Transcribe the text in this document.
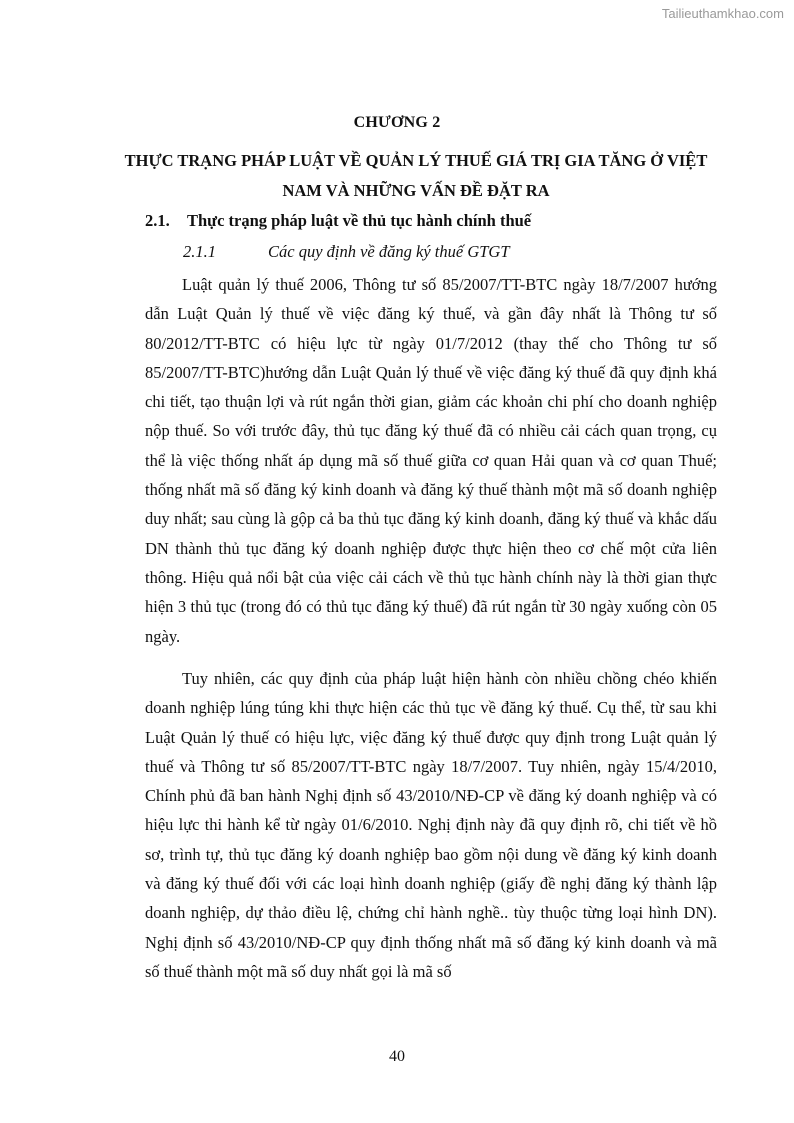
Tailieuthamkhao.com
CHƯƠNG 2
THỰC TRẠNG PHÁP LUẬT VỀ QUẢN LÝ THUẾ GIÁ TRỊ GIA TĂNG Ở VIỆT NAM VÀ NHỮNG VẤN ĐỀ ĐẶT RA
2.1. Thực trạng pháp luật về thủ tục hành chính thuế
2.1.1	Các quy định về đăng ký thuế GTGT

Luật quản lý thuế 2006, Thông tư số 85/2007/TT-BTC ngày 18/7/2007 hướng dẫn Luật Quản lý thuế về việc đăng ký thuế, và gần đây nhất là Thông tư số 80/2012/TT-BTC có hiệu lực từ ngày 01/7/2012 (thay thế cho Thông tư số 85/2007/TT-BTC)hướng dẫn Luật Quản lý thuế về việc đăng ký thuế đã quy định khá chi tiết, tạo thuận lợi và rút ngắn thời gian, giảm các khoản chi phí cho doanh nghiệp nộp thuế. So với trước đây, thủ tục đăng ký thuế đã có nhiều cải cách quan trọng, cụ thể là việc thống nhất áp dụng mã số thuế giữa cơ quan Hải quan và cơ quan Thuế; thống nhất mã số đăng ký kinh doanh và đăng ký thuế thành một mã số doanh nghiệp duy nhất; sau cùng là gộp cả ba thủ tục đăng ký kinh doanh, đăng ký thuế và khắc dấu DN thành thủ tục đăng ký doanh nghiệp được thực hiện theo cơ chế một cửa liên thông. Hiệu quả nổi bật của việc cải cách về thủ tục hành chính này là thời gian thực hiện 3 thủ tục (trong đó có thủ tục đăng ký thuế) đã rút ngắn từ 30 ngày xuống còn 05 ngày.

Tuy nhiên, các quy định của pháp luật hiện hành còn nhiều chồng chéo khiến doanh nghiệp lúng túng khi thực hiện các thủ tục về đăng ký thuế. Cụ thể, từ sau khi Luật Quản lý thuế có hiệu lực, việc đăng ký thuế được quy định trong Luật quản lý thuế và Thông tư số 85/2007/TT-BTC ngày 18/7/2007. Tuy nhiên, ngày 15/4/2010, Chính phủ đã ban hành Nghị định số 43/2010/NĐ-CP về đăng ký doanh nghiệp và có hiệu lực thi hành kể từ ngày 01/6/2010. Nghị định này đã quy định rõ, chi tiết về hồ sơ, trình tự, thủ tục đăng ký doanh nghiệp bao gồm nội dung về đăng ký kinh doanh và đăng ký thuế đối với các loại hình doanh nghiệp (giấy đề nghị đăng ký thành lập doanh nghiệp, dự thảo điều lệ, chứng chỉ hành nghề.. tùy thuộc từng loại hình DN). Nghị định số 43/2010/NĐ-CP quy định thống nhất mã số đăng ký kinh doanh và mã số thuế thành một mã số duy nhất gọi là mã số

40
